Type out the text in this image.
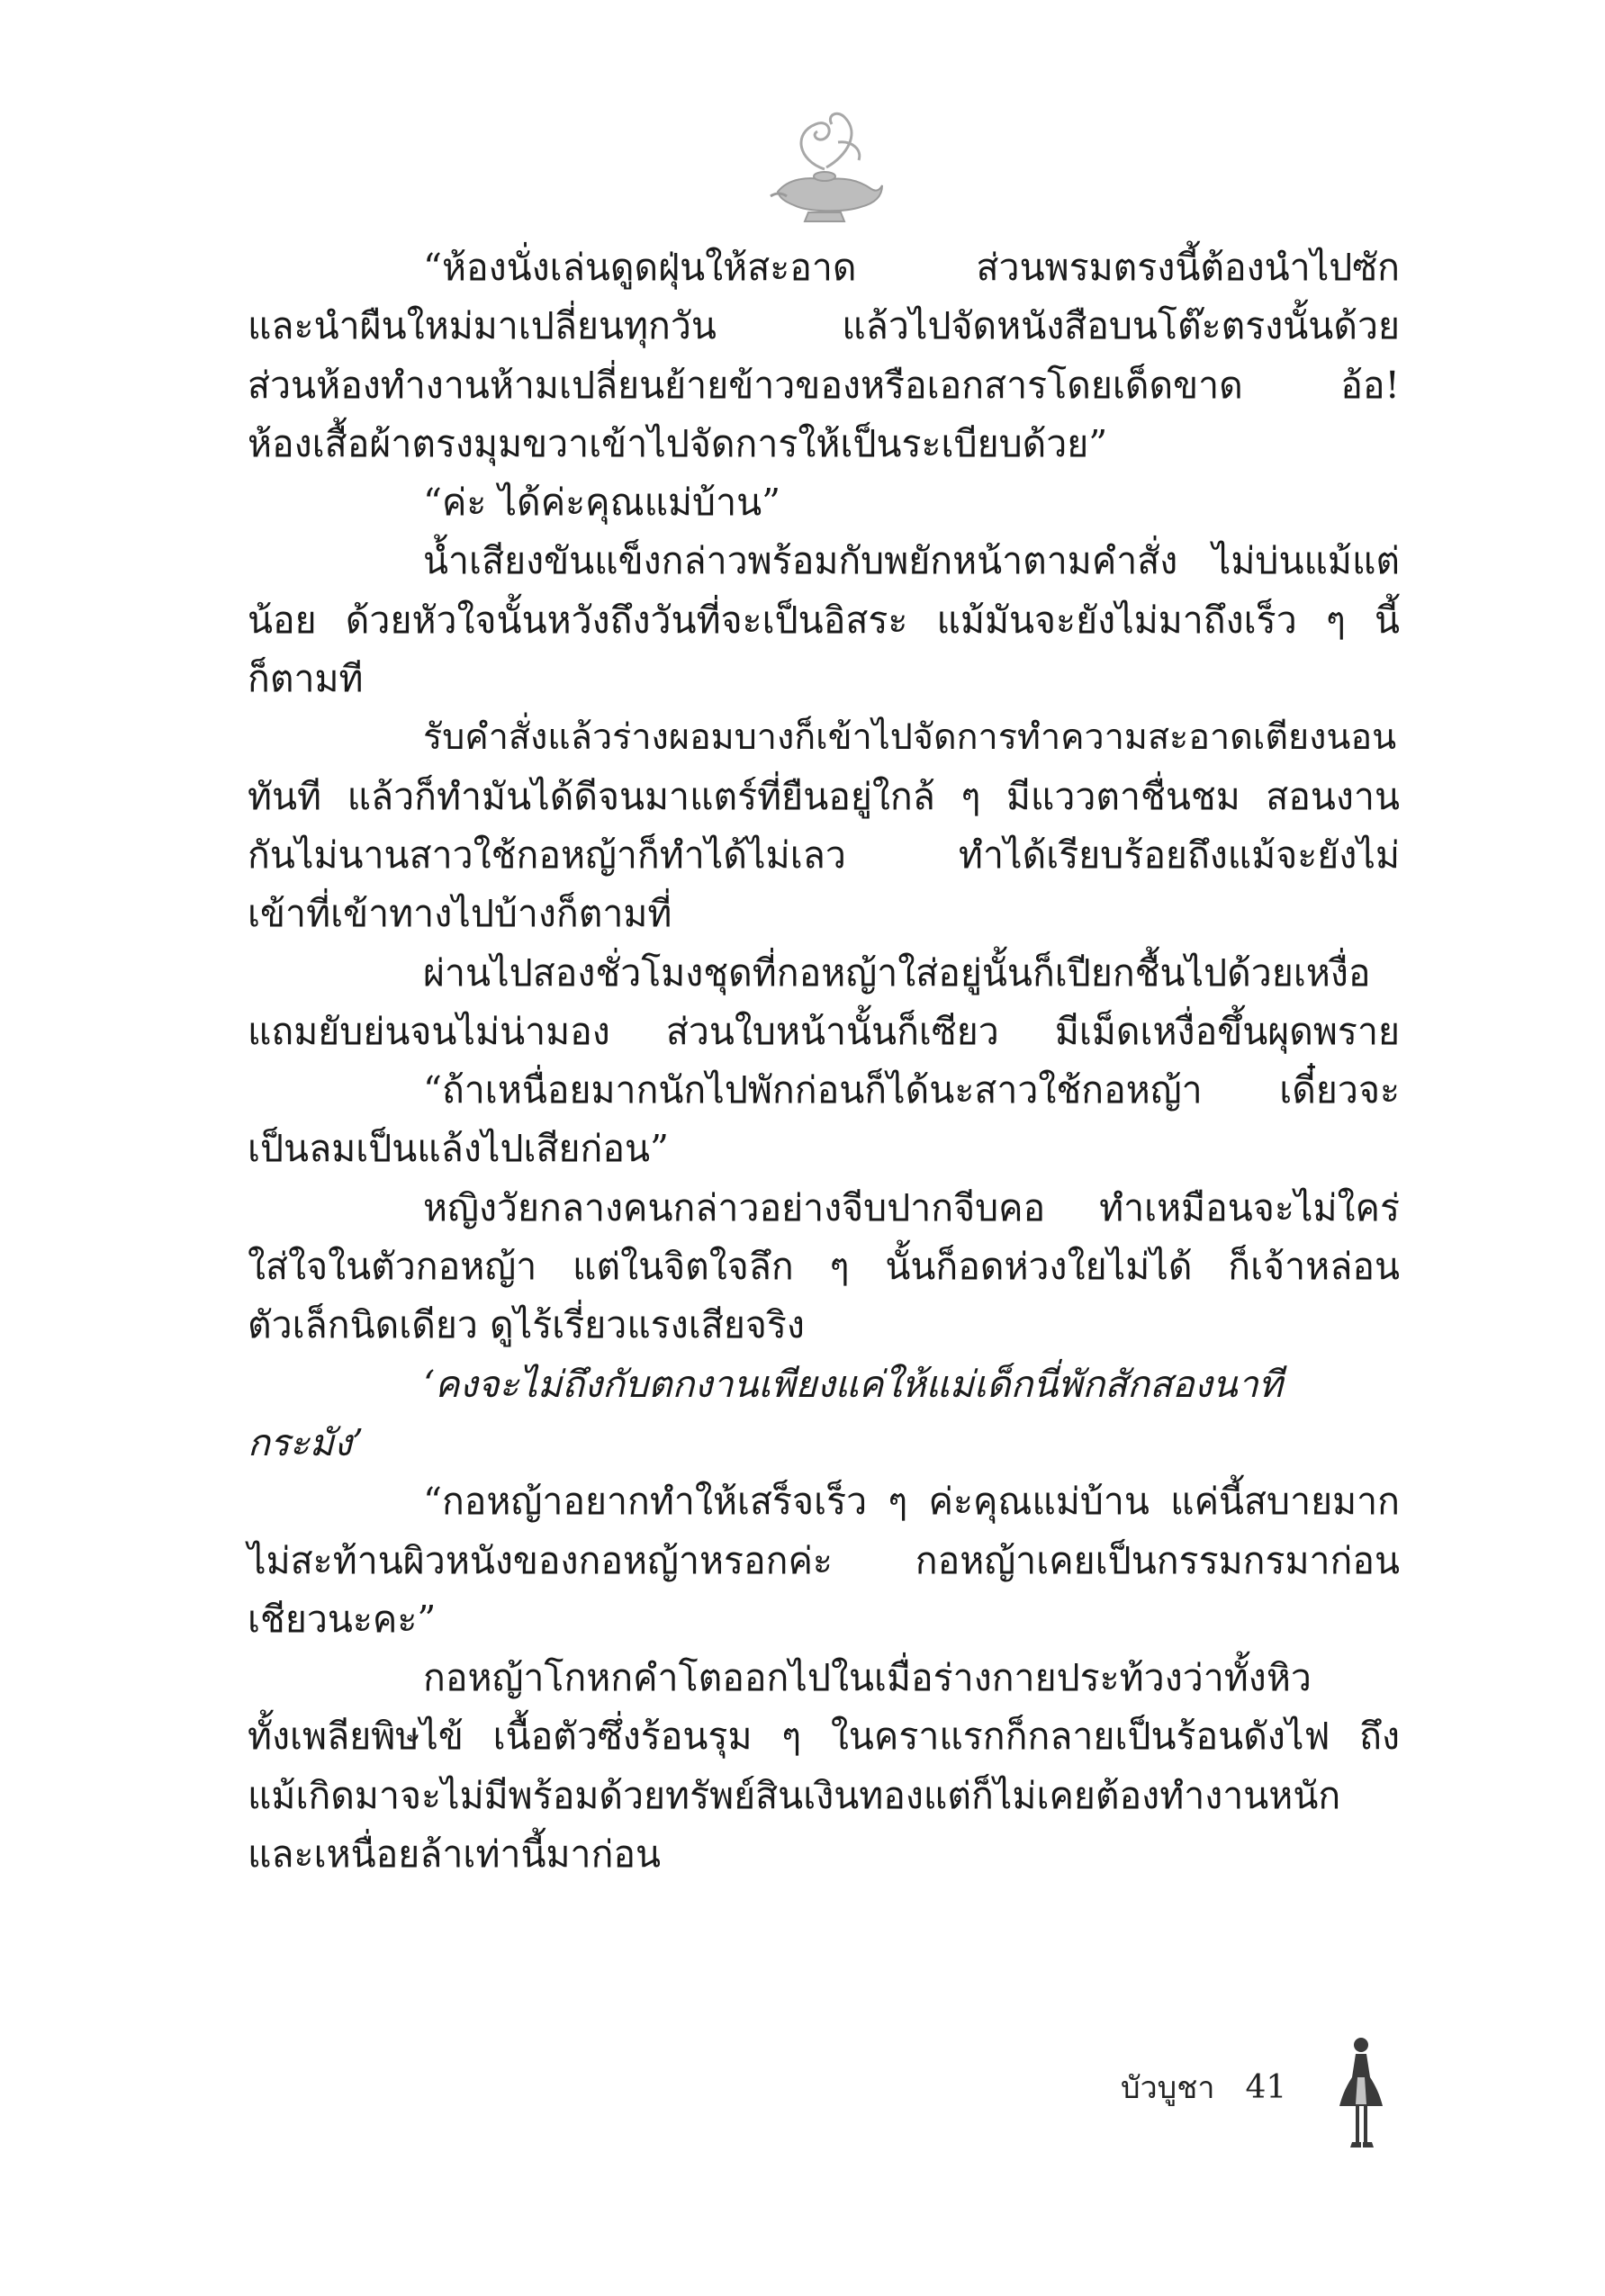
“ห้องนั่งเล่นดูดฝุ่นให้สะอาด ส่วนพรมตรงนี้ต้องนำไปซัก
และนำผืนใหม่มาเปลี่ยนทุกวัน แล้วไปจัดหนังสือบนโต๊ะตรงนั้นด้วย
ส่วนห้องทำงานห้ามเปลี่ยนย้ายข้าวของหรือเอกสารโดยเด็ดขาด อ้อ!
ห้องเสื้อผ้าตรงมุมขวาเข้าไปจัดการให้เป็นระเบียบด้วย”
“ค่ะ ได้ค่ะคุณแม่บ้าน”
น้ำเสียงขันแข็งกล่าวพร้อมกับพยักหน้าตามคำสั่ง ไม่บ่นแม้แต่
น้อย ด้วยหัวใจนั้นหวังถึงวันที่จะเป็นอิสระ แม้มันจะยังไม่มาถึงเร็ว ๆ นี้
ก็ตามที
รับคำสั่งแล้วร่างผอมบางก็เข้าไปจัดการทำความสะอาดเตียงนอน
ทันที แล้วก็ทำมันได้ดีจนมาแตร์ที่ยืนอยู่ใกล้ ๆ มีแววตาชื่นชม สอนงาน
กันไม่นานสาวใช้กอหญ้าก็ทำได้ไม่เลว ทำได้เรียบร้อยถึงแม้จะยังไม่
เข้าที่เข้าทางไปบ้างก็ตามที่
ผ่านไปสองชั่วโมงชุดที่กอหญ้าใส่อยู่นั้นก็เปียกชื้นไปด้วยเหงื่อ
แถมยับย่นจนไม่น่ามอง ส่วนใบหน้านั้นก็เซียว มีเม็ดเหงื่อขึ้นผุดพราย
“ถ้าเหนื่อยมากนักไปพักก่อนก็ได้นะสาวใช้กอหญ้า เดี๋ยวจะ
เป็นลมเป็นแล้งไปเสียก่อน”
หญิงวัยกลางคนกล่าวอย่างจีบปากจีบคอ ทำเหมือนจะไม่ใคร่
ใส่ใจในตัวกอหญ้า แต่ในจิตใจลึก ๆ นั้นก็อดห่วงใยไม่ได้ ก็เจ้าหล่อน
ตัวเล็กนิดเดียว ดูไร้เรี่ยวแรงเสียจริง
‘คงจะไม่ถึงกับตกงานเพียงแค่ให้แม่เด็กนี่พักสักสองนาที
กระมัง’
“กอหญ้าอยากทำให้เสร็จเร็ว ๆ ค่ะคุณแม่บ้าน แค่นี้สบายมาก
ไม่สะท้านผิวหนังของกอหญ้าหรอกค่ะ กอหญ้าเคยเป็นกรรมกรมาก่อน
เชียวนะคะ”
กอหญ้าโกหกคำโตออกไปในเมื่อร่างกายประท้วงว่าทั้งหิว
ทั้งเพลียพิษไข้ เนื้อตัวซึ่งร้อนรุม ๆ ในคราแรกก็กลายเป็นร้อนดังไฟ ถึง
แม้เกิดมาจะไม่มีพร้อมด้วยทรัพย์สินเงินทองแต่ก็ไม่เคยต้องทำงานหนัก
และเหนื่อยล้าเท่านี้มาก่อน
บัวบูชา 41
